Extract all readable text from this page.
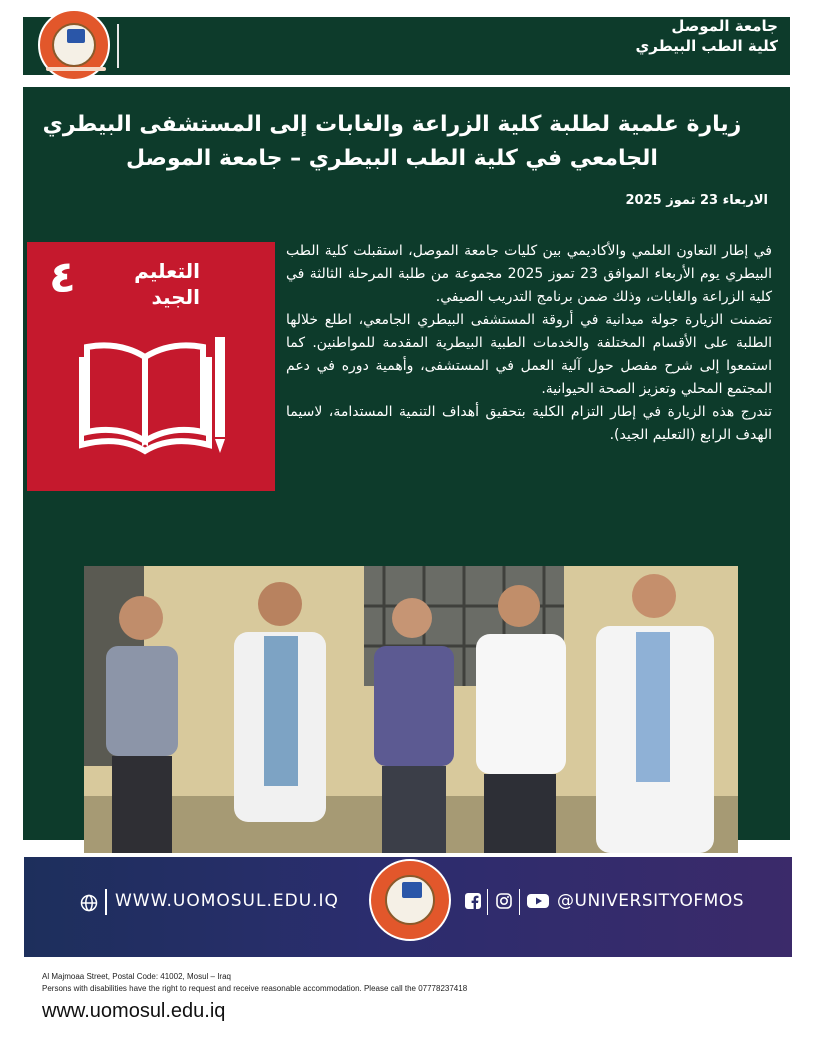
جامعة الموصل
كلية الطب البيطري
زيارة علمية لطلبة كلية الزراعة والغابات إلى المستشفى البيطري الجامعي في كلية الطب البيطري – جامعة الموصل
الاربعاء 23 تموز 2025
٤	التعليم
الجيد

في إطار التعاون العلمي والأكاديمي بين كليات جامعة الموصل، استقبلت كلية الطب البيطري يوم الأربعاء الموافق 23 تموز 2025 مجموعة من طلبة المرحلة الثالثة في كلية الزراعة والغابات، وذلك ضمن برنامج التدريب الصيفي.

تضمنت الزيارة جولة ميدانية في أروقة المستشفى البيطري الجامعي، اطلع خلالها الطلبة على الأقسام المختلفة والخدمات الطبية البيطرية المقدمة للمواطنين. كما استمعوا إلى شرح مفصل حول آلية العمل في المستشفى، وأهمية دوره في دعم المجتمع المحلي وتعزيز الصحة الحيوانية.

تندرج هذه الزيارة في إطار التزام الكلية بتحقيق أهداف التنمية المستدامة، لاسيما الهدف الرابع (التعليم الجيد).

WWW.UOMOSUL.EDU.IQ	@UNIVERSITYOFMOS
Al Majmoaa Street, Postal Code: 41002, Mosul – Iraq
Persons with disabilities have the right to request and receive reasonable accommodation. Please call the 07778237418
www.uomosul.edu.iq
